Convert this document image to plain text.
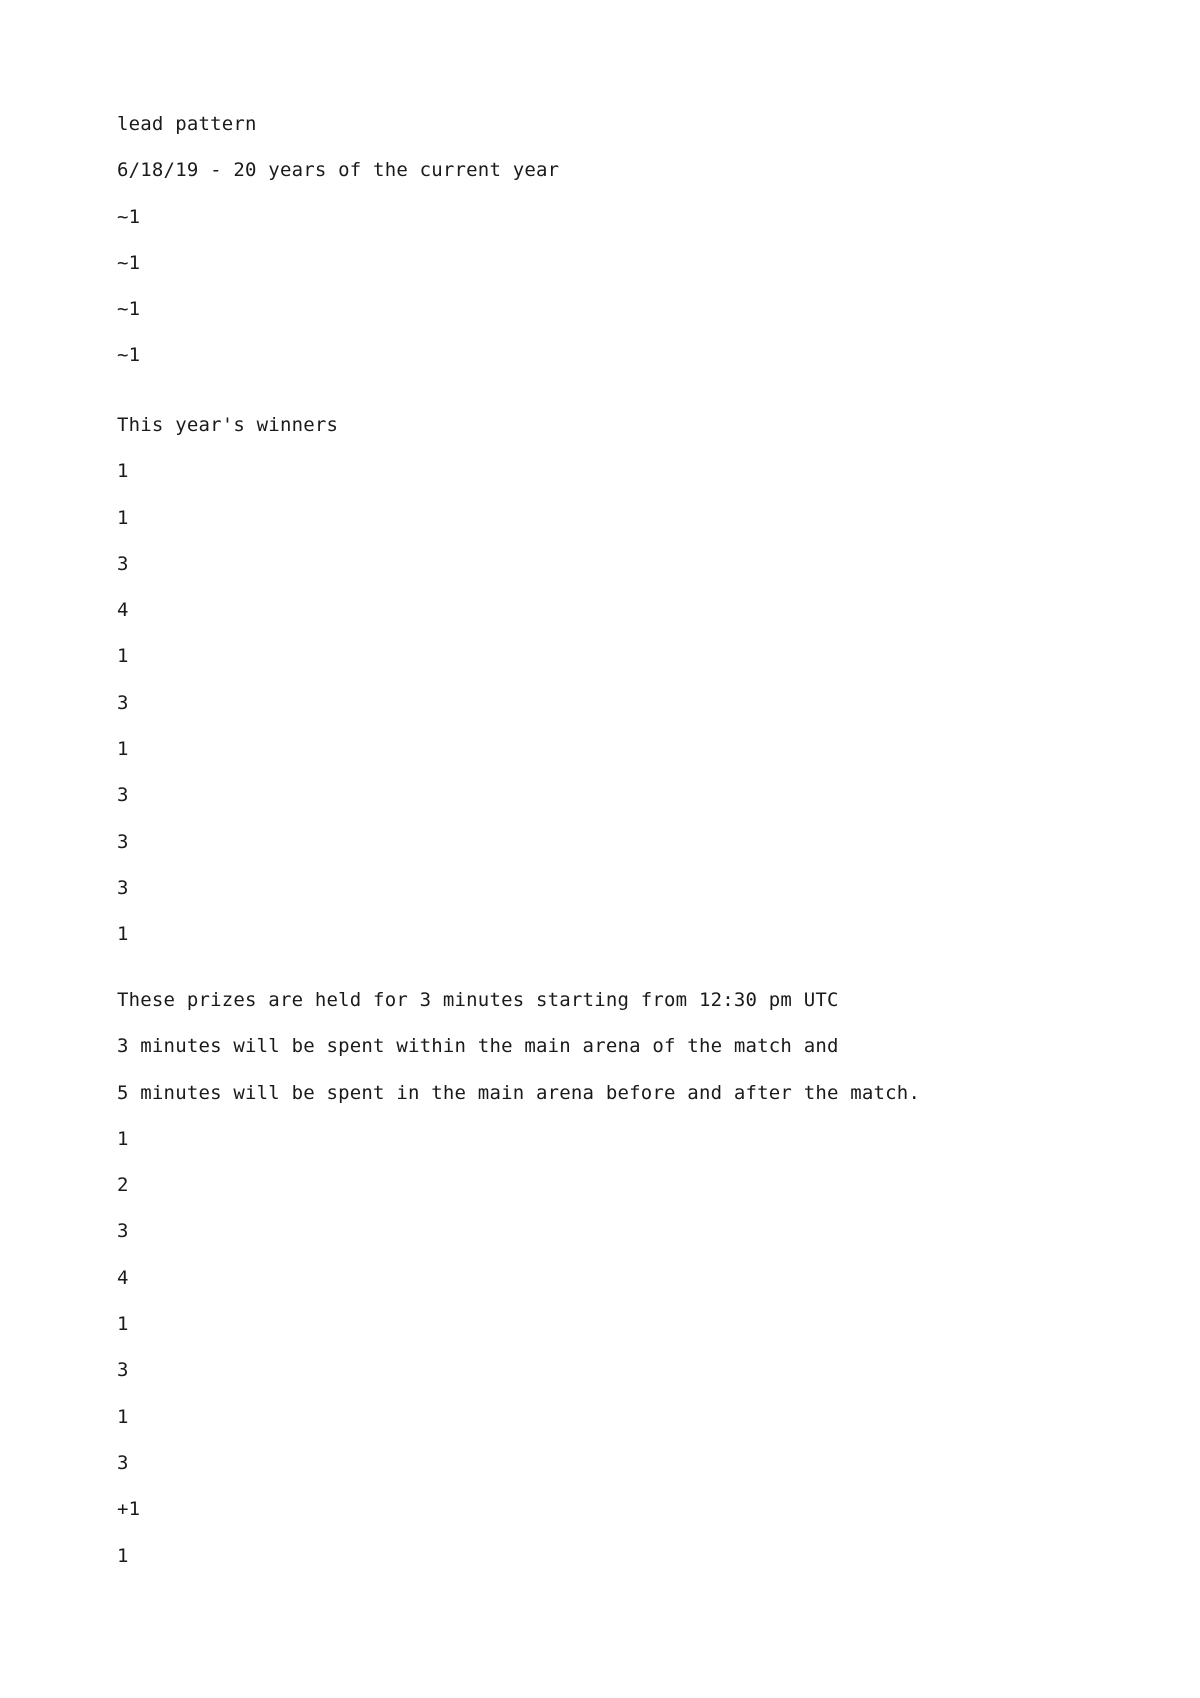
lead pattern
6/18/19 - 20 years of the current year
~1
~1
~1
~1
This year's winners
1
1
3
4
1
3
1
3
3
3
1
These prizes are held for 3 minutes starting from 12:30 pm UTC
3 minutes will be spent within the main arena of the match and
5 minutes will be spent in the main arena before and after the match.
1
2
3
4
1
3
1
3
+1
1
